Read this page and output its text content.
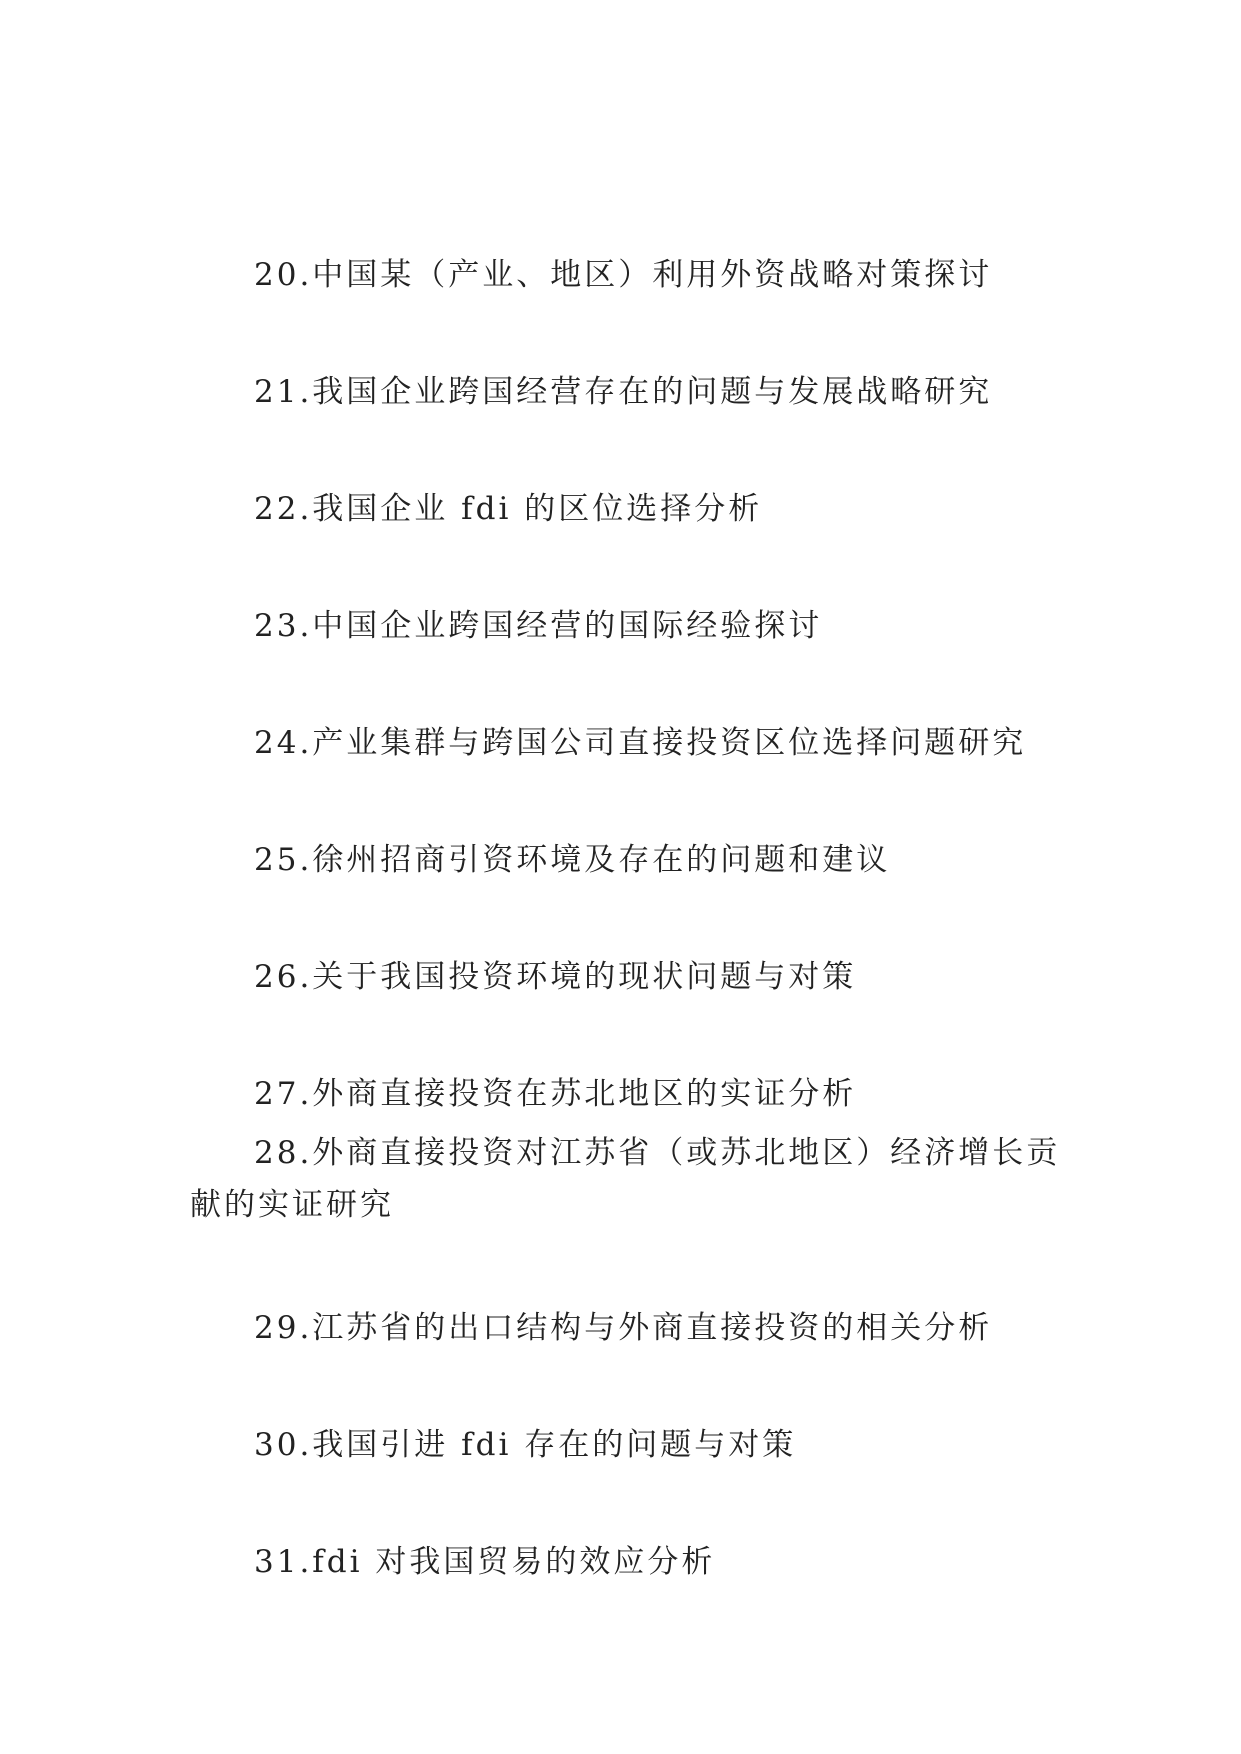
20.中国某（产业、地区）利用外资战略对策探讨

21.我国企业跨国经营存在的问题与发展战略研究

22.我国企业 fdi 的区位选择分析

23.中国企业跨国经营的国际经验探讨

24.产业集群与跨国公司直接投资区位选择问题研究

25.徐州招商引资环境及存在的问题和建议

26.关于我国投资环境的现状问题与对策

27.外商直接投资在苏北地区的实证分析

28.外商直接投资对江苏省（或苏北地区）经济增长贡献的实证研究

29.江苏省的出口结构与外商直接投资的相关分析

30.我国引进 fdi 存在的问题与对策

31.fdi 对我国贸易的效应分析
